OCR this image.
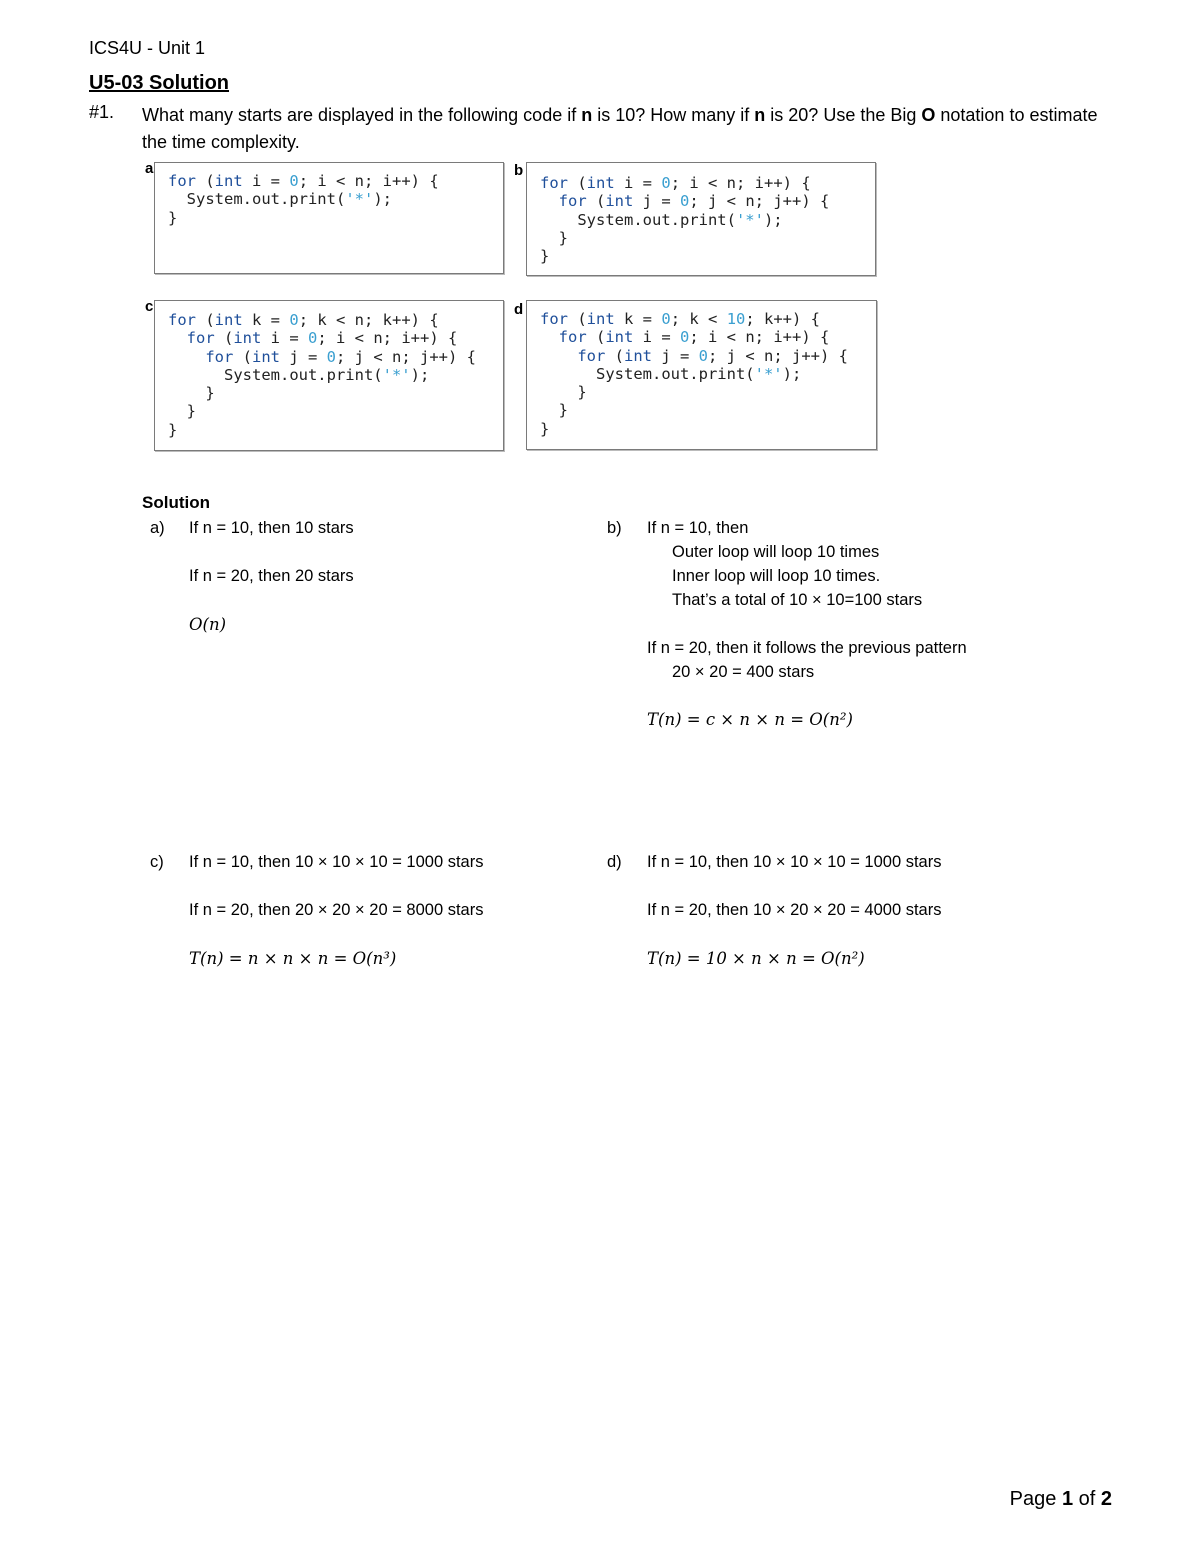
ICS4U - Unit 1
U5-03 Solution
#1. What many starts are displayed in the following code if n is 10? How many if n is 20? Use the Big O notation to estimate the time complexity.
a
for (int i = 0; i < n; i++) {
System.out.print('*');
}
b
for (int i = 0; i < n; i++) {
for (int j = 0; j < n; j++) {
System.out.print('*');
}
}
c
for (int k = 0; k < n; k++) {
for (int i = 0; i < n; i++) {
for (int j = 0; j < n; j++) {
System.out.print('*');
}
}
}
d
for (int k = 0; k < 10; k++) {
for (int i = 0; i < n; i++) {
for (int j = 0; j < n; j++) {
System.out.print('*');
}
}
}
Solution
a) If n = 10, then 10 stars
If n = 20, then 20 stars
O(n)
b) If n = 10, then
Outer loop will loop 10 times
Inner loop will loop 10 times.
That’s a total of 10 × 10=100 stars
If n = 20, then it follows the previous pattern
20 × 20 = 400 stars
T(n) = c × n × n = O(n²)
c) If n = 10, then 10 × 10 × 10 = 1000 stars
If n = 20, then 20 × 20 × 20 = 8000 stars
T(n) = n × n × n = O(n³)
d) If n = 10, then 10 × 10 × 10 = 1000 stars
If n = 20, then 10 × 20 × 20 = 4000 stars
T(n) = 10 × n × n = O(n²)
Page 1 of 2
